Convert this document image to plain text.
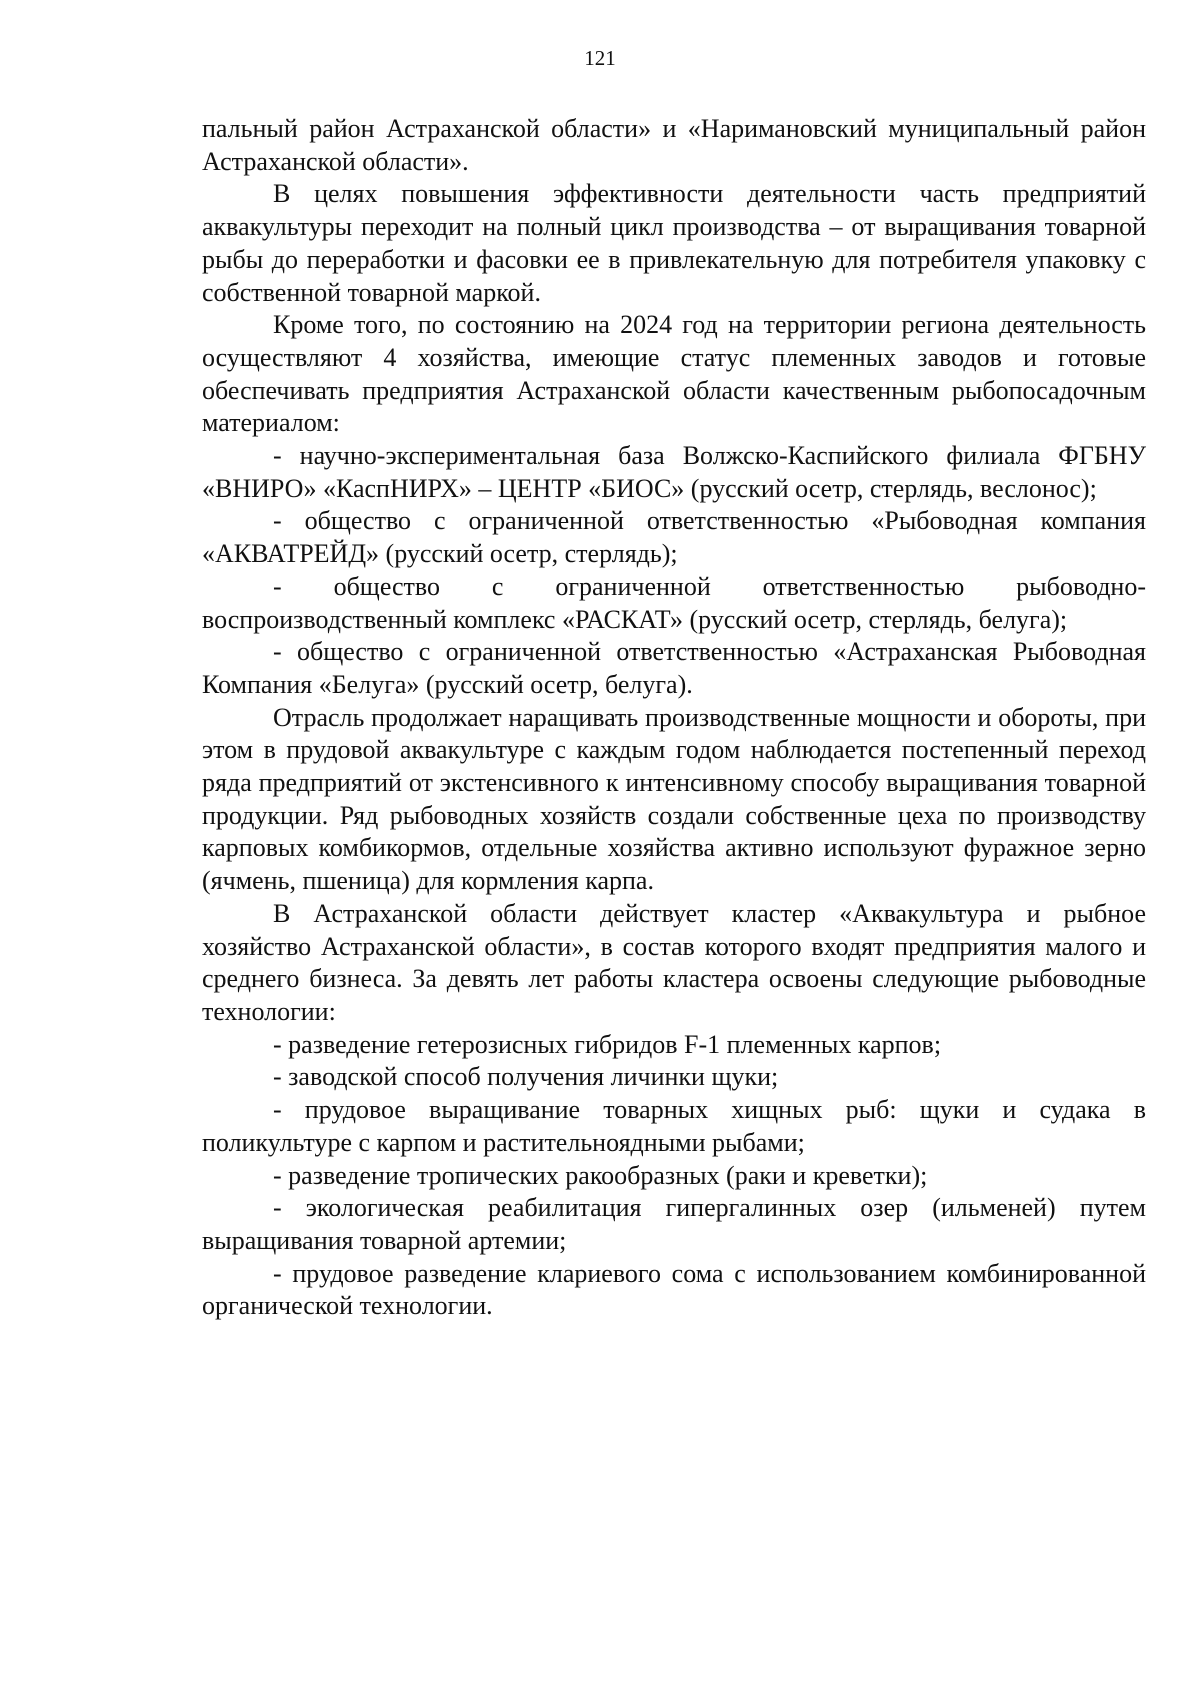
121

пальный район Астраханской области» и «Наримановский муниципальный район Астраханской области».

В целях повышения эффективности деятельности часть предприятий аквакультуры переходит на полный цикл производства – от выращивания товарной рыбы до переработки и фасовки ее в привлекательную для потребителя упаковку с собственной товарной маркой.

Кроме того, по состоянию на 2024 год на территории региона деятельность осуществляют 4 хозяйства, имеющие статус племенных заводов и готовые обеспечивать предприятия Астраханской области качественным рыбопосадочным материалом:

- научно-экспериментальная база Волжско-Каспийского филиала ФГБНУ «ВНИРО» «КаспНИРХ» – ЦЕНТР «БИОС» (русский осетр, стерлядь, веслонос);

- общество с ограниченной ответственностью «Рыбоводная компания «АКВАТРЕЙД» (русский осетр, стерлядь);

- общество с ограниченной ответственностью рыбоводно-воспроизводственный комплекс «РАСКАТ» (русский осетр, стерлядь, белуга);

- общество с ограниченной ответственностью «Астраханская Рыбоводная Компания «Белуга» (русский осетр, белуга).

Отрасль продолжает наращивать производственные мощности и обороты, при этом в прудовой аквакультуре с каждым годом наблюдается постепенный переход ряда предприятий от экстенсивного к интенсивному способу выращивания товарной продукции. Ряд рыбоводных хозяйств создали собственные цеха по производству карповых комбикормов, отдельные хозяйства активно используют фуражное зерно (ячмень, пшеница) для кормления карпа.

В Астраханской области действует кластер «Аквакультура и рыбное хозяйство Астраханской области», в состав которого входят предприятия малого и среднего бизнеса. За девять лет работы кластера освоены следующие рыбоводные технологии:

- разведение гетерозисных гибридов F-1 племенных карпов;

- заводской способ получения личинки щуки;

- прудовое выращивание товарных хищных рыб: щуки и судака в поликультуре с карпом и растительноядными рыбами;

- разведение тропических ракообразных (раки и креветки);

- экологическая реабилитация гипергалинных озер (ильменей) путем выращивания товарной артемии;

- прудовое разведение клариевого сома с использованием комбинированной органической технологии.
